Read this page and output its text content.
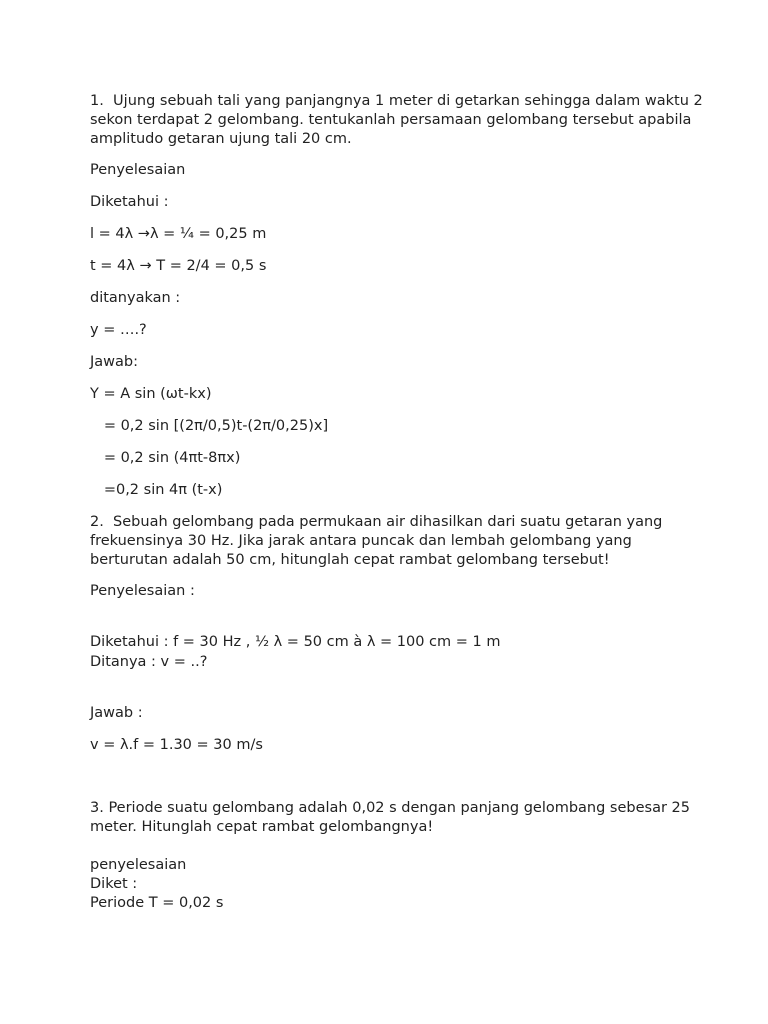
1.  Ujung sebuah tali yang panjangnya 1 meter di getarkan sehingga dalam waktu 2
sekon terdapat 2 gelombang. tentukanlah persamaan gelombang tersebut apabila
amplitudo getaran ujung tali 20 cm.
Penyelesaian
Diketahui :
l = 4λ →λ = ¼ = 0,25 m
t = 4λ → T = 2/4 = 0,5 s
ditanyakan :
y = ….?
Jawab:
Y = A sin (ωt-kx)
= 0,2 sin [(2π/0,5)t-(2π/0,25)x]
= 0,2 sin (4πt-8πx)
=0,2 sin 4π (t-x)
2.  Sebuah gelombang pada permukaan air dihasilkan dari suatu getaran yang
frekuensinya 30 Hz. Jika jarak antara puncak dan lembah gelombang yang
berturutan adalah 50 cm, hitunglah cepat rambat gelombang tersebut!
Penyelesaian :
Diketahui : f = 30 Hz , ½ λ = 50 cm à λ = 100 cm = 1 m
Ditanya : v = ..?
Jawab :
v = λ.f = 1.30 = 30 m/s
3. Periode suatu gelombang adalah 0,02 s dengan panjang gelombang sebesar 25
meter. Hitunglah cepat rambat gelombangnya!
penyelesaian
Diket :
Periode T = 0,02 s
